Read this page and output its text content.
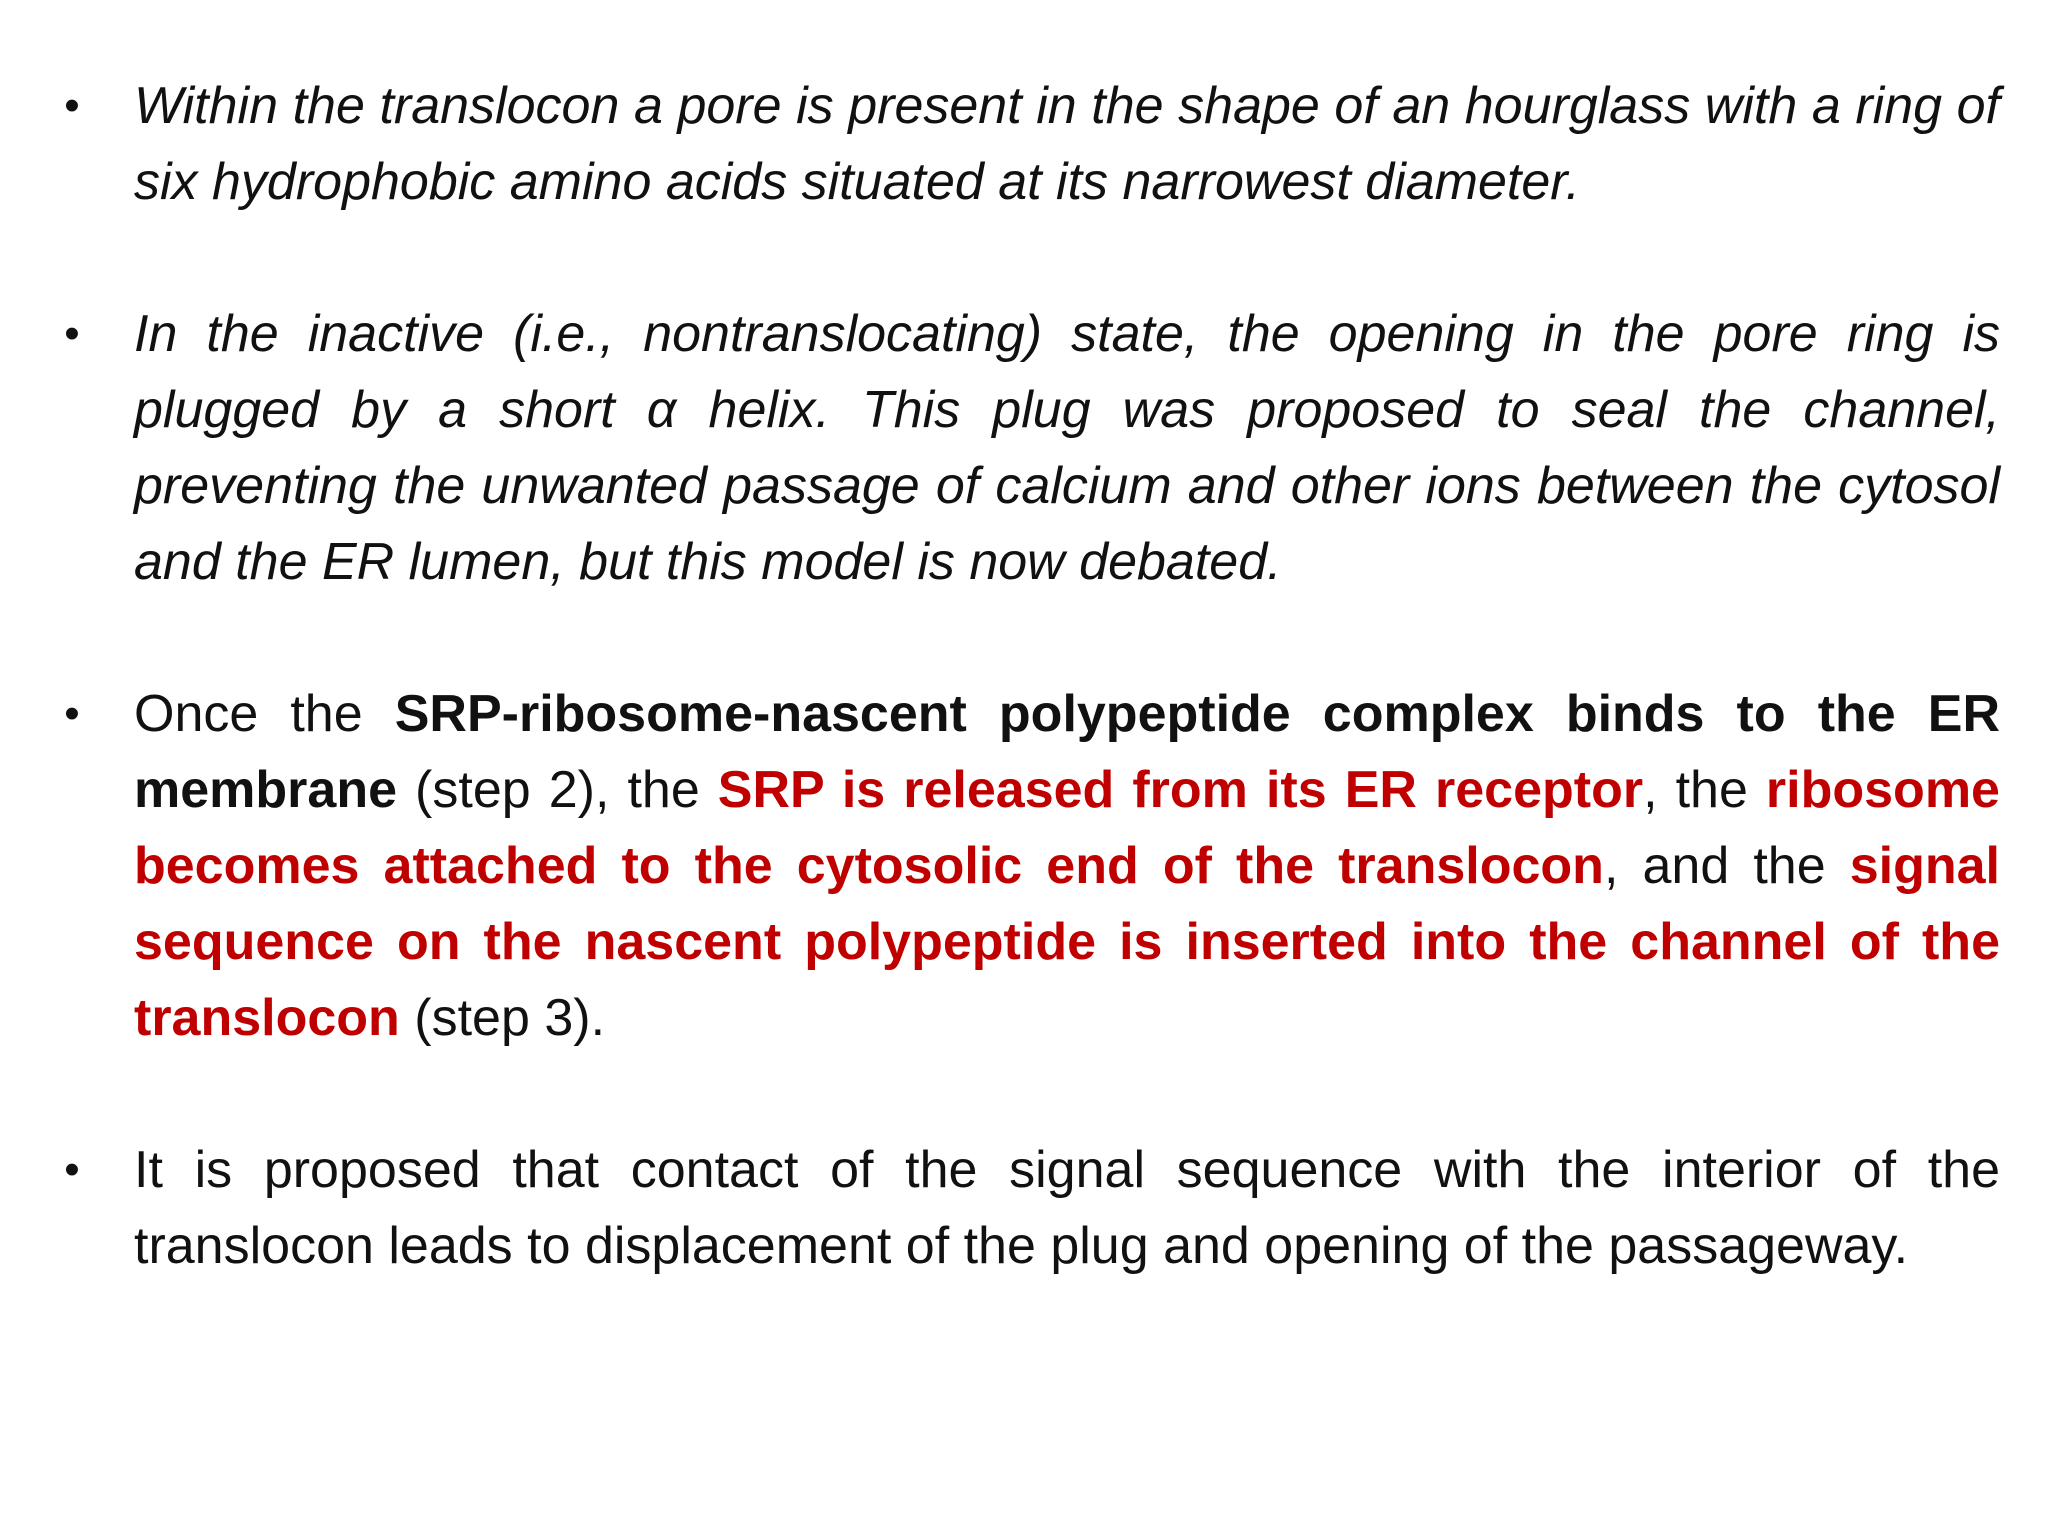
• Within the translocon a pore is present in the shape of an hourglass with a ring of six hydrophobic amino acids situated at its narrowest diameter.
• In the inactive (i.e., nontranslocating) state, the opening in the pore ring is plugged by a short α helix. This plug was proposed to seal the channel, preventing the unwanted passage of calcium and other ions between the cytosol and the ER lumen, but this model is now debated.
• Once the SRP-ribosome-nascent polypeptide complex binds to the ER membrane (step 2), the SRP is released from its ER receptor, the ribosome becomes attached to the cytosolic end of the translocon, and the signal sequence on the nascent polypeptide is inserted into the channel of the translocon (step 3).
• It is proposed that contact of the signal sequence with the interior of the translocon leads to displacement of the plug and opening of the passageway.
